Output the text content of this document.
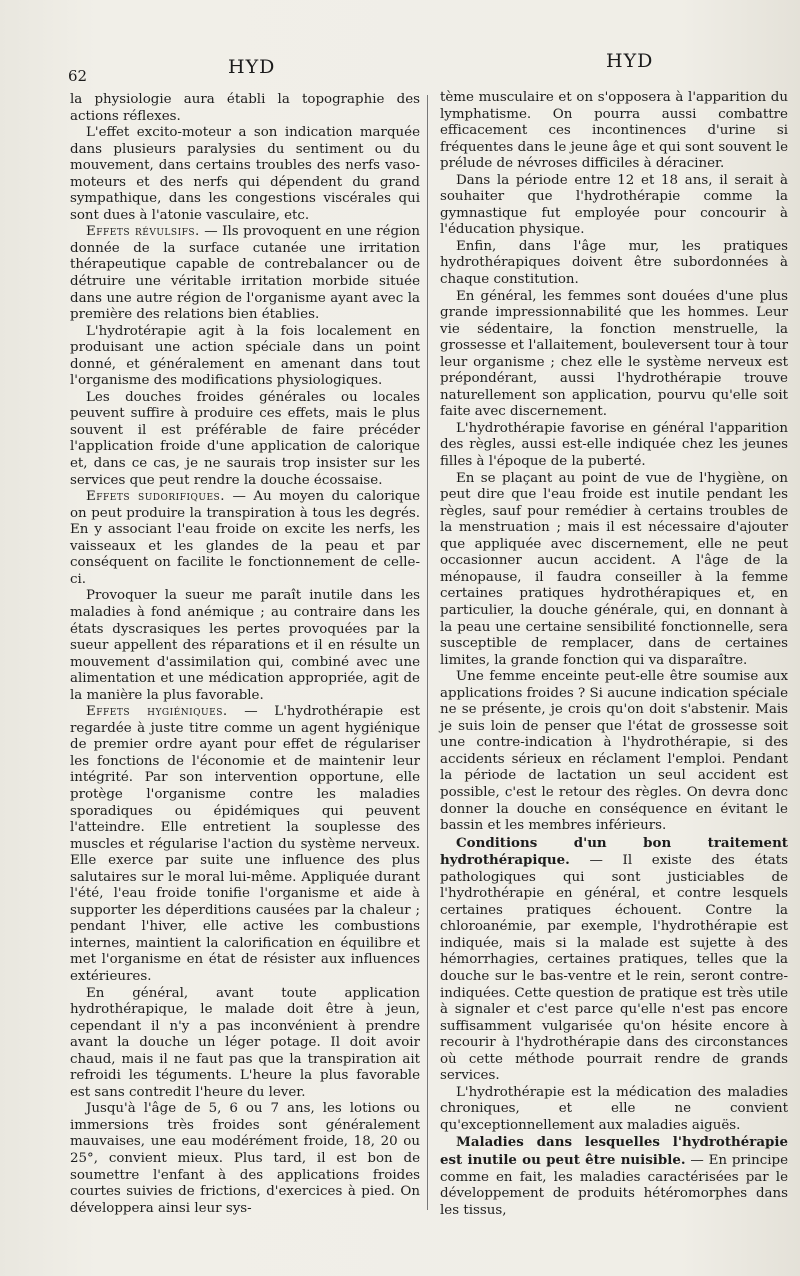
62	HYD	HYD

la physiologie aura établi la topographie des actions réflexes.

L'effet excito-moteur a son indication marquée dans plusieurs paralysies du sentiment ou du mouvement, dans certains troubles des nerfs vaso-moteurs et des nerfs qui dépendent du grand sympathique, dans les congestions viscérales qui sont dues à l'atonie vasculaire, etc.

Effets révulsifs. — Ils provoquent en une région donnée de la surface cutanée une irritation thérapeutique capable de contrebalancer ou de détruire une véritable irritation morbide située dans une autre région de l'organisme ayant avec la première des relations bien établies.

L'hydrotérapie agit à la fois localement en produisant une action spéciale dans un point donné, et généralement en amenant dans tout l'organisme des modifications physiologiques.

Les douches froides générales ou locales peuvent suffire à produire ces effets, mais le plus souvent il est préférable de faire précéder l'application froide d'une application de calorique et, dans ce cas, je ne saurais trop insister sur les services que peut rendre la douche écossaise.

Effets sudorifiques. — Au moyen du calorique on peut produire la transpiration à tous les degrés. En y associant l'eau froide on excite les nerfs, les vaisseaux et les glandes de la peau et par conséquent on facilite le fonctionnement de celle-ci.

Provoquer la sueur me paraît inutile dans les maladies à fond anémique ; au contraire dans les états dyscrasiques les pertes provoquées par la sueur appellent des réparations et il en résulte un mouvement d'assimilation qui, combiné avec une alimentation et une médication appropriée, agit de la manière la plus favorable.

Effets hygiéniques. — L'hydrothérapie est regardée à juste titre comme un agent hygiénique de premier ordre ayant pour effet de régulariser les fonctions de l'économie et de maintenir leur intégrité. Par son intervention opportune, elle protège l'organisme contre les maladies sporadiques ou épidémiques qui peuvent l'atteindre. Elle entretient la souplesse des muscles et régularise l'action du système nerveux. Elle exerce par suite une influence des plus salutaires sur le moral lui-même. Appliquée durant l'été, l'eau froide tonifie l'organisme et aide à supporter les déperditions causées par la chaleur ; pendant l'hiver, elle active les combustions internes, maintient la calorification en équilibre et met l'organisme en état de résister aux influences extérieures.

En général, avant toute application hydrothérapique, le malade doit être à jeun, cependant il n'y a pas inconvénient à prendre avant la douche un léger potage. Il doit avoir chaud, mais il ne faut pas que la transpiration ait refroidi les téguments. L'heure la plus favorable est sans contredit l'heure du lever.

Jusqu'à l'âge de 5, 6 ou 7 ans, les lotions ou immersions très froides sont généralement mauvaises, une eau modérément froide, 18, 20 ou 25°, convient mieux. Plus tard, il est bon de soumettre l'enfant à des applications froides courtes suivies de frictions, d'exercices à pied. On développera ainsi leur sys-

tème musculaire et on s'opposera à l'apparition du lymphatisme. On pourra aussi combattre efficacement ces incontinences d'urine si fréquentes dans le jeune âge et qui sont souvent le prélude de névroses difficiles à déraciner.

Dans la période entre 12 et 18 ans, il serait à souhaiter que l'hydrothérapie comme la gymnastique fut employée pour concourir à l'éducation physique.

Enfin, dans l'âge mur, les pratiques hydrothérapiques doivent être subordonnées à chaque constitution.

En général, les femmes sont douées d'une plus grande impressionnabilité que les hommes. Leur vie sédentaire, la fonction menstruelle, la grossesse et l'allaitement, bouleversent tour à tour leur organisme ; chez elle le système nerveux est prépondérant, aussi l'hydrothérapie trouve naturellement son application, pourvu qu'elle soit faite avec discernement.

L'hydrothérapie favorise en général l'apparition des règles, aussi est-elle indiquée chez les jeunes filles à l'époque de la puberté.

En se plaçant au point de vue de l'hygiène, on peut dire que l'eau froide est inutile pendant les règles, sauf pour remédier à certains troubles de la menstruation ; mais il est nécessaire d'ajouter que appliquée avec discernement, elle ne peut occasionner aucun accident. A l'âge de la ménopause, il faudra conseiller à la femme certaines pratiques hydrothérapiques et, en particulier, la douche générale, qui, en donnant à la peau une certaine sensibilité fonctionnelle, sera susceptible de remplacer, dans de certaines limites, la grande fonction qui va disparaître.

Une femme enceinte peut-elle être soumise aux applications froides ? Si aucune indication spéciale ne se présente, je crois qu'on doit s'abstenir. Mais je suis loin de penser que l'état de grossesse soit une contre-indication à l'hydrothérapie, si des accidents sérieux en réclament l'emploi. Pendant la période de lactation un seul accident est possible, c'est le retour des règles. On devra donc donner la douche en conséquence en évitant le bassin et les membres inférieurs.

Conditions d'un bon traitement hydrothérapique. — Il existe des états pathologiques qui sont justiciables de l'hydrothérapie en général, et contre lesquels certaines pratiques échouent. Contre la chloroanémie, par exemple, l'hydrothérapie est indiquée, mais si la malade est sujette à des hémorrhagies, certaines pratiques, telles que la douche sur le bas-ventre et le rein, seront contre-indiquées. Cette question de pratique est très utile à signaler et c'est parce qu'elle n'est pas encore suffisamment vulgarisée qu'on hésite encore à recourir à l'hydrothérapie dans des circonstances où cette méthode pourrait rendre de grands services.

L'hydrothérapie est la médication des maladies chroniques, et elle ne convient qu'exceptionnellement aux maladies aiguës.

Maladies dans lesquelles l'hydrothérapie est inutile ou peut être nuisible. — En principe comme en fait, les maladies caractérisées par le développement de produits hétéromorphes dans les tissus,
